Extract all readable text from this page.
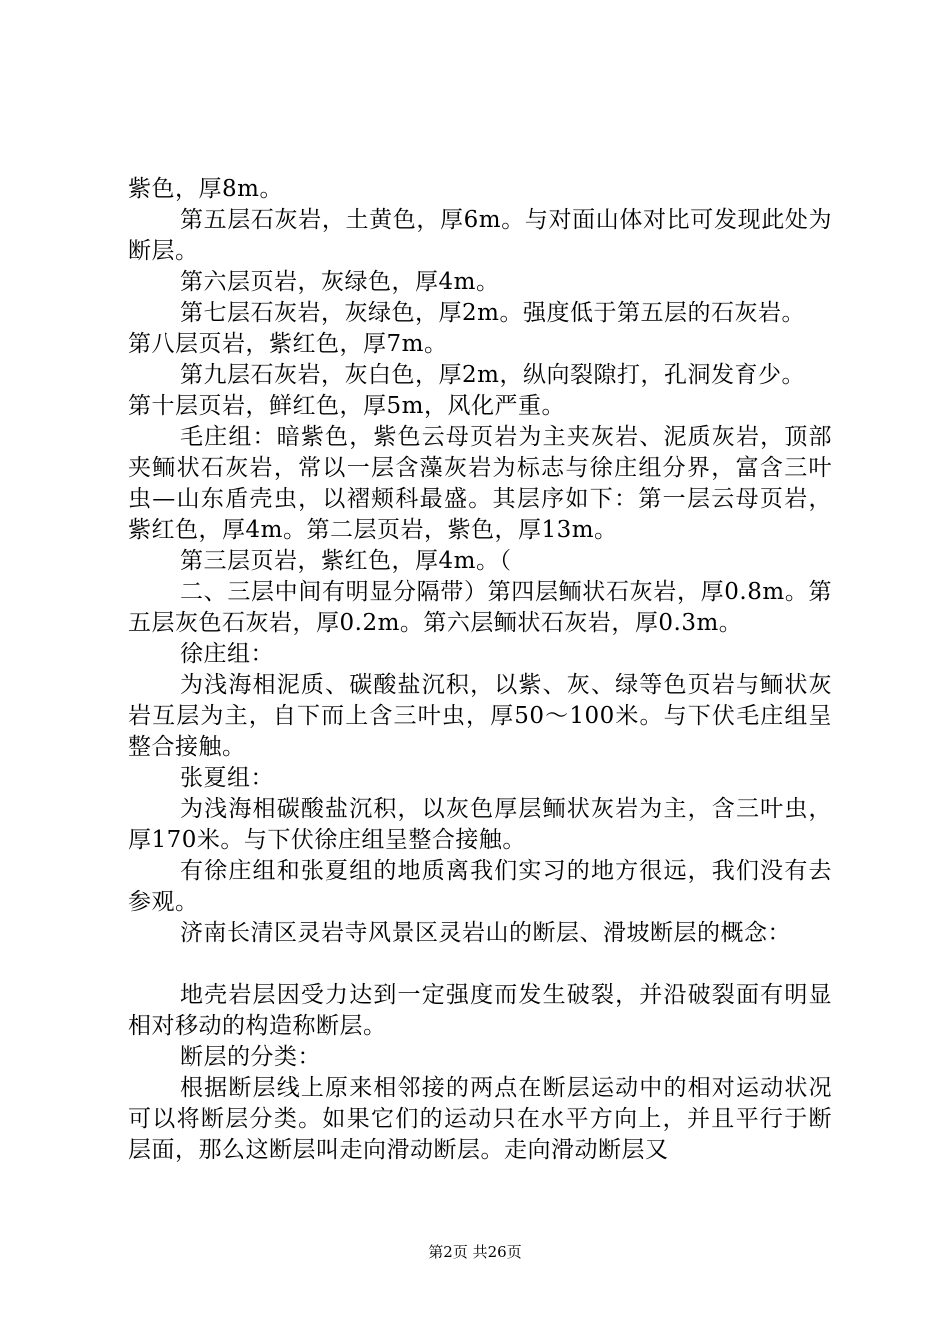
紫色，厚8m。

第五层石灰岩，土黄色，厚6m。与对面山体对比可发现此处为断层。

第六层页岩，灰绿色，厚4m。

第七层石灰岩，灰绿色，厚2m。强度低于第五层的石灰岩。

第八层页岩，紫红色，厚7m。

第九层石灰岩，灰白色，厚2m，纵向裂隙打，孔洞发育少。

第十层页岩，鲜红色，厚5m，风化严重。

毛庄组：暗紫色，紫色云母页岩为主夹灰岩、泥质灰岩，顶部夹鲕状石灰岩，常以一层含藻灰岩为标志与徐庄组分界，富含三叶虫—山东盾壳虫，以褶颊科最盛。其层序如下：第一层云母页岩，紫红色，厚4m。第二层页岩，紫色，厚13m。

第三层页岩，紫红色，厚4m。（

二、三层中间有明显分隔带）第四层鲕状石灰岩，厚0.8m。第五层灰色石灰岩，厚0.2m。第六层鲕状石灰岩，厚0.3m。

徐庄组：

为浅海相泥质、碳酸盐沉积，以紫、灰、绿等色页岩与鲕状灰岩互层为主，自下而上含三叶虫，厚50～100米。与下伏毛庄组呈整合接触。

张夏组：

为浅海相碳酸盐沉积，以灰色厚层鲕状灰岩为主，含三叶虫，厚170米。与下伏徐庄组呈整合接触。

有徐庄组和张夏组的地质离我们实习的地方很远，我们没有去参观。

济南长清区灵岩寺风景区灵岩山的断层、滑坡断层的概念：

地壳岩层因受力达到一定强度而发生破裂，并沿破裂面有明显相对移动的构造称断层。

断层的分类：

根据断层线上原来相邻接的两点在断层运动中的相对运动状况可以将断层分类。如果它们的运动只在水平方向上，并且平行于断层面，那么这断层叫走向滑动断层。走向滑动断层又

第2页 共26页
